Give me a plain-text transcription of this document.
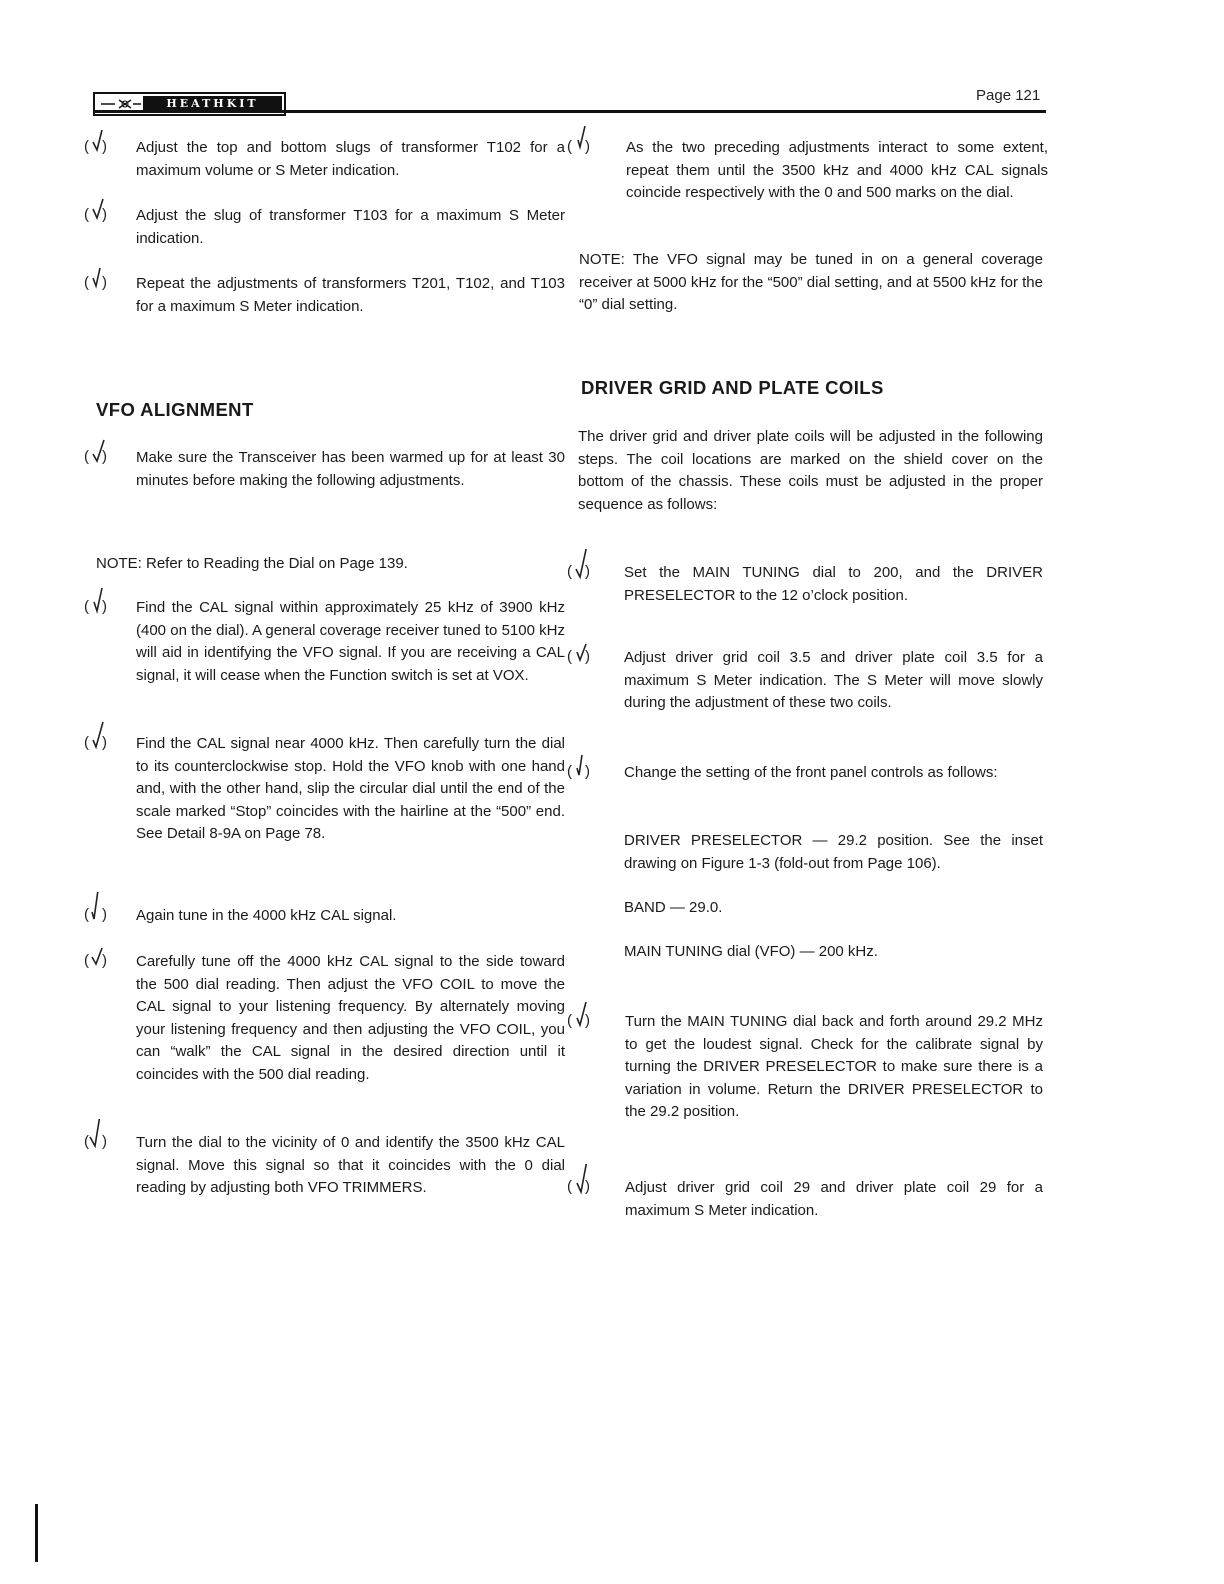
HEATHKIT	Page 121
( ) Adjust the top and bottom slugs of transformer T102 for a maximum volume or S Meter indication.
( ) Adjust the slug of transformer T103 for a maximum S Meter indication.
( ) Repeat the adjustments of transformers T201, T102, and T103 for a maximum S Meter indication.
VFO ALIGNMENT
( ) Make sure the Transceiver has been warmed up for at least 30 minutes before making the following adjustments.
NOTE: Refer to Reading the Dial on Page 139.
( ) Find the CAL signal within approximately 25 kHz of 3900 kHz (400 on the dial). A general coverage receiver tuned to 5100 kHz will aid in identifying the VFO signal. If you are receiving a CAL signal, it will cease when the Function switch is set at VOX.
( ) Find the CAL signal near 4000 kHz. Then carefully turn the dial to its counterclockwise stop. Hold the VFO knob with one hand and, with the other hand, slip the circular dial until the end of the scale marked “Stop” coincides with the hairline at the “500” end. See Detail 8-9A on Page 78.
( ) Again tune in the 4000 kHz CAL signal.
( ) Carefully tune off the 4000 kHz CAL signal to the side toward the 500 dial reading. Then adjust the VFO COIL to move the CAL signal to your listening frequency. By alternately moving your listening frequency and then adjusting the VFO COIL, you can “walk” the CAL signal in the desired direction until it coincides with the 500 dial reading.
( ) Turn the dial to the vicinity of 0 and identify the 3500 kHz CAL signal. Move this signal so that it coincides with the 0 dial reading by adjusting both VFO TRIMMERS.
( ) As the two preceding adjustments interact to some extent, repeat them until the 3500 kHz and 4000 kHz CAL signals coincide respectively with the 0 and 500 marks on the dial.
NOTE: The VFO signal may be tuned in on a general coverage receiver at 5000 kHz for the “500” dial setting, and at 5500 kHz for the “0” dial setting.
DRIVER GRID AND PLATE COILS
The driver grid and driver plate coils will be adjusted in the following steps. The coil locations are marked on the shield cover on the bottom of the chassis. These coils must be adjusted in the proper sequence as follows:
( ) Set the MAIN TUNING dial to 200, and the DRIVER PRESELECTOR to the 12 o’clock position.
( ) Adjust driver grid coil 3.5 and driver plate coil 3.5 for a maximum S Meter indication. The S Meter will move slowly during the adjustment of these two coils.
( ) Change the setting of the front panel controls as follows:
DRIVER PRESELECTOR — 29.2 position. See the inset drawing on Figure 1-3 (fold-out from Page 106).
BAND — 29.0.
MAIN TUNING dial (VFO) — 200 kHz.
( ) Turn the MAIN TUNING dial back and forth around 29.2 MHz to get the loudest signal. Check for the calibrate signal by turning the DRIVER PRESELECTOR to make sure there is a variation in volume. Return the DRIVER PRESELECTOR to the 29.2 position.
( ) Adjust driver grid coil 29 and driver plate coil 29 for a maximum S Meter indication.
